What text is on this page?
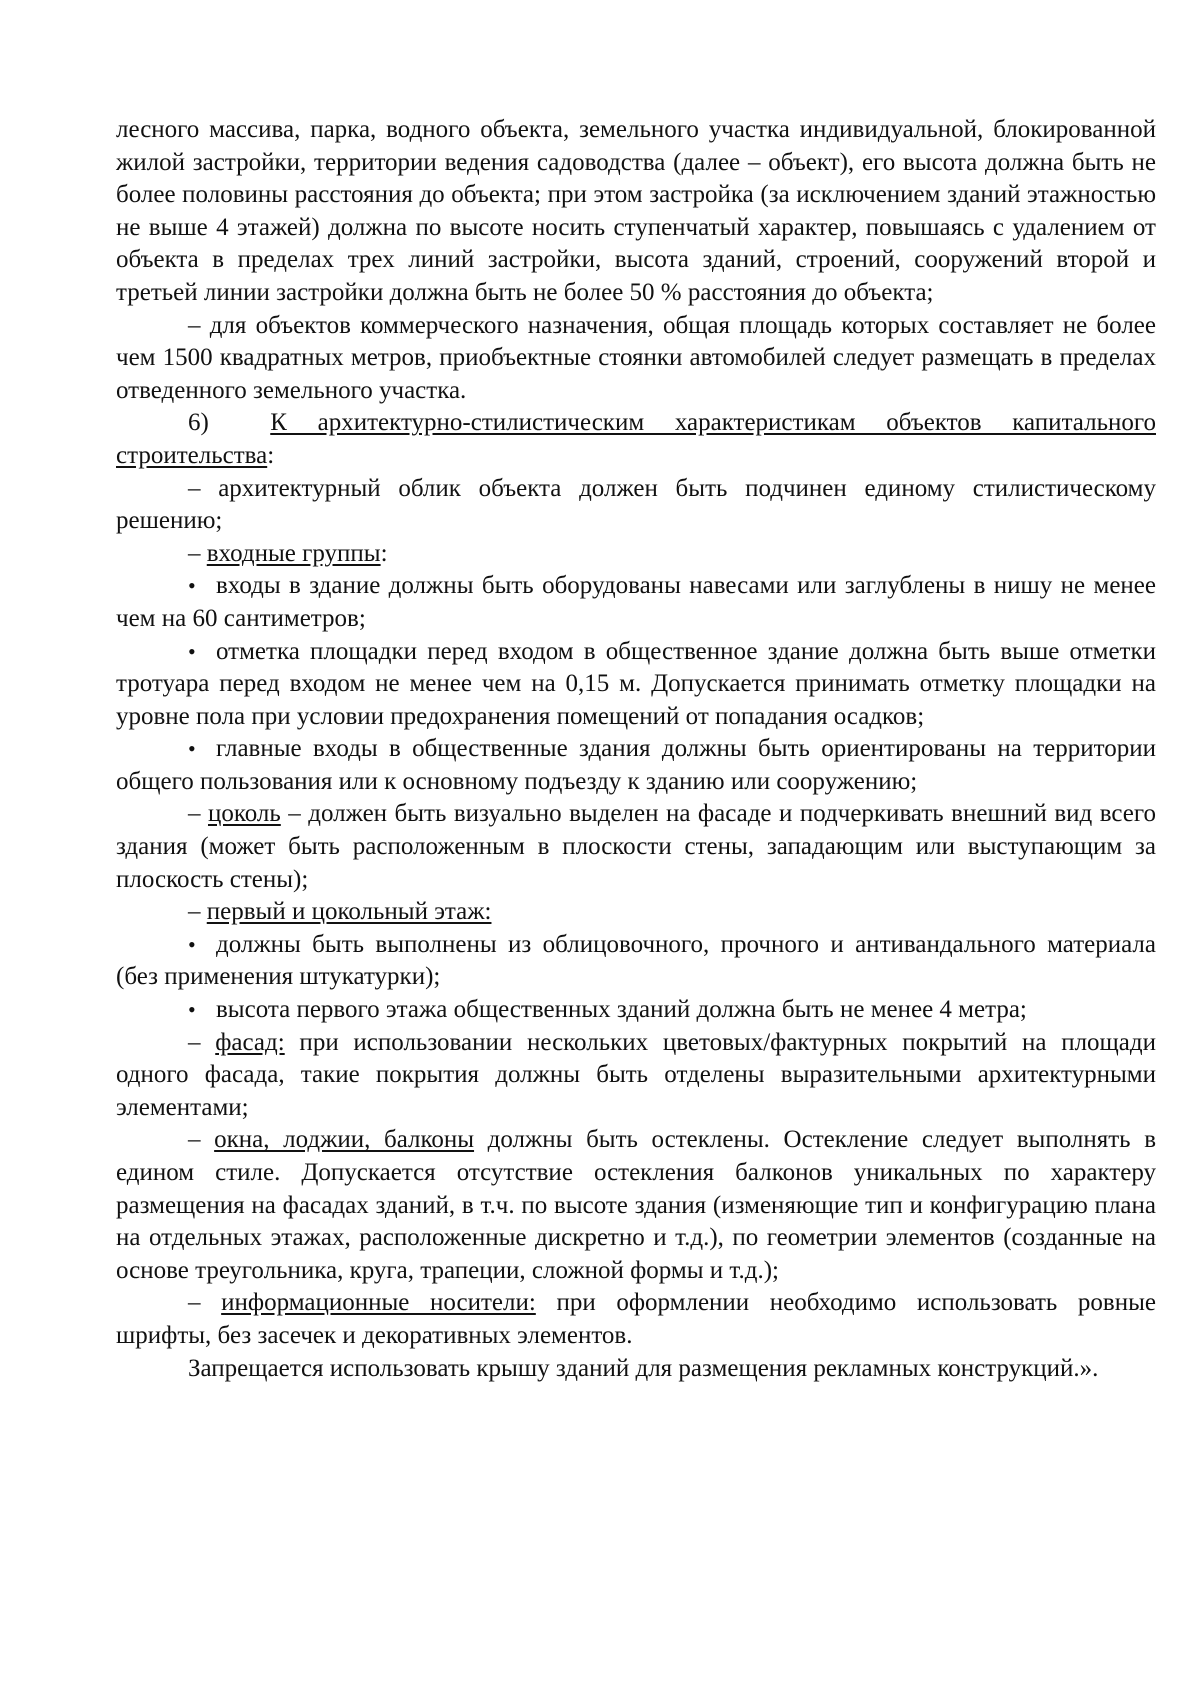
лесного массива, парка, водного объекта, земельного участка индивидуальной, блокированной жилой застройки, территории ведения садоводства (далее – объект), его высота должна быть не более половины расстояния до объекта; при этом застройка (за исключением зданий этажностью не выше 4 этажей) должна по высоте носить ступенчатый характер, повышаясь с удалением от объекта в пределах трех линий застройки, высота зданий, строений, сооружений второй и третьей линии застройки должна быть не более 50 % расстояния до объекта;

– для объектов коммерческого назначения, общая площадь которых составляет не более чем 1500 квадратных метров, приобъектные стоянки автомобилей следует размещать в пределах отведенного земельного участка.

6) К архитектурно-стилистическим характеристикам объектов капитального строительства:

– архитектурный облик объекта должен быть подчинен единому стилистическому решению;

– входные группы:

• входы в здание должны быть оборудованы навесами или заглублены в нишу не менее чем на 60 сантиметров;

• отметка площадки перед входом в общественное здание должна быть выше отметки тротуара перед входом не менее чем на 0,15 м. Допускается принимать отметку площадки на уровне пола при условии предохранения помещений от попадания осадков;

• главные входы в общественные здания должны быть ориентированы на территории общего пользования или к основному подъезду к зданию или сооружению;

– цоколь – должен быть визуально выделен на фасаде и подчеркивать внешний вид всего здания (может быть расположенным в плоскости стены, западающим или выступающим за плоскость стены);

– первый и цокольный этаж:

• должны быть выполнены из облицовочного, прочного и антивандального материала (без применения штукатурки);

• высота первого этажа общественных зданий должна быть не менее 4 метра;

– фасад: при использовании нескольких цветовых/фактурных покрытий на площади одного фасада, такие покрытия должны быть отделены выразительными архитектурными элементами;

– окна, лоджии, балконы должны быть остеклены. Остекление следует выполнять в едином стиле. Допускается отсутствие остекления балконов уникальных по характеру размещения на фасадах зданий, в т.ч. по высоте здания (изменяющие тип и конфигурацию плана на отдельных этажах, расположенные дискретно и т.д.), по геометрии элементов (созданные на основе треугольника, круга, трапеции, сложной формы и т.д.);

– информационные носители: при оформлении необходимо использовать ровные шрифты, без засечек и декоративных элементов.

Запрещается использовать крышу зданий для размещения рекламных конструкций.».
